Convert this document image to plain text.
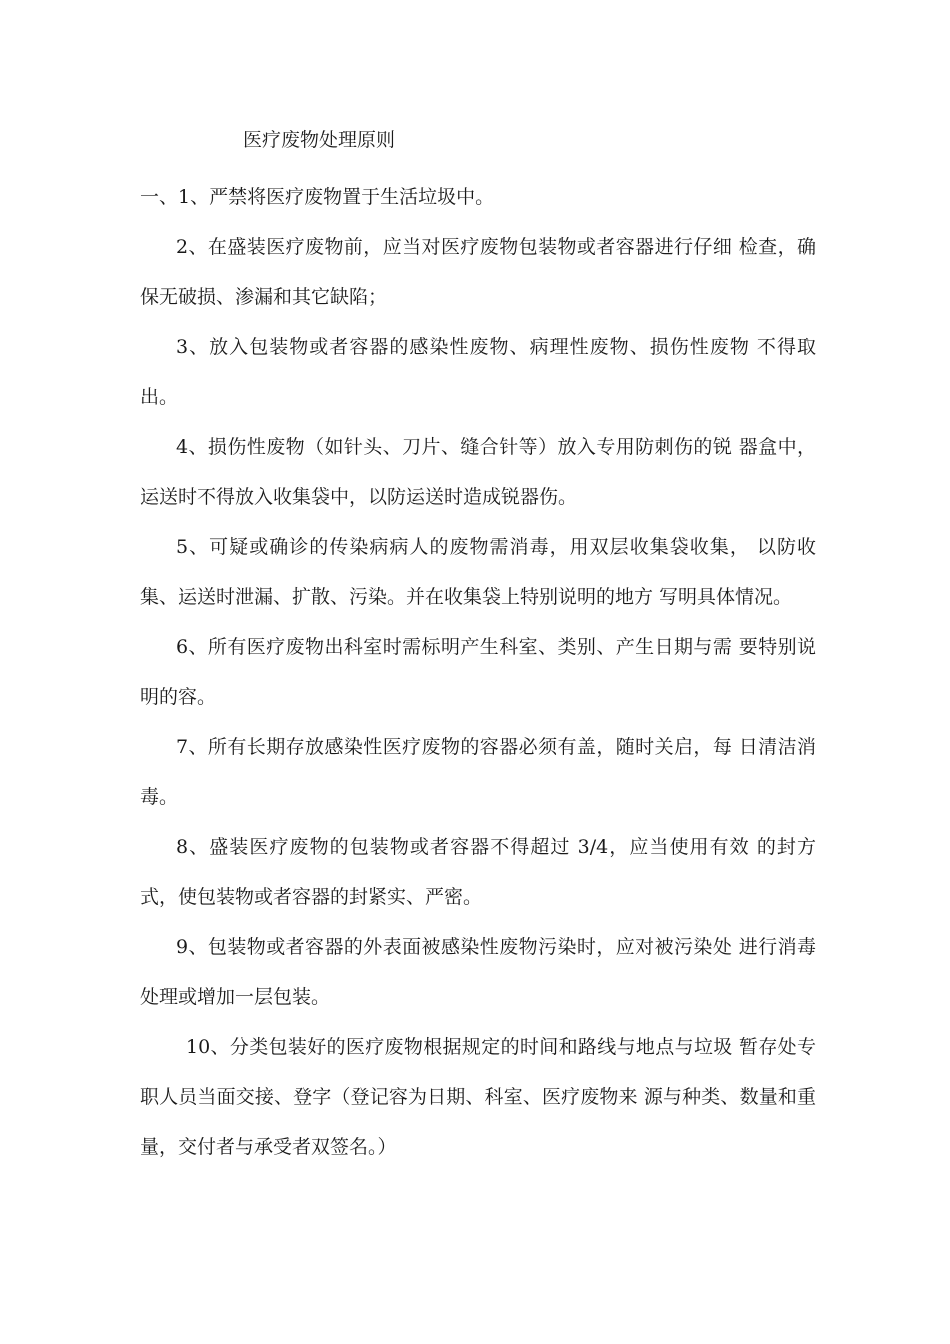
医疗废物处理原则

一、1、严禁将医疗废物置于生活垃圾中。

2、在盛装医疗废物前，应当对医疗废物包装物或者容器进行仔细 检查，确保无破损、渗漏和其它缺陷；

3、放入包装物或者容器的感染性废物、病理性废物、损伤性废物 不得取出。

4、损伤性废物（如针头、刀片、缝合针等）放入专用防刺伤的锐 器盒中，运送时不得放入收集袋中，以防运送时造成锐器伤。

5、可疑或确诊的传染病病人的废物需消毒，用双层收集袋收集， 以防收集、运送时泄漏、扩散、污染。并在收集袋上特别说明的地方 写明具体情况。

6、所有医疗废物出科室时需标明产生科室、类别、产生日期与需 要特别说明的容。

7、所有长期存放感染性医疗废物的容器必须有盖，随时关启，每 日清洁消毒。

8、盛装医疗废物的包装物或者容器不得超过 3/4，应当使用有效 的封方式，使包装物或者容器的封紧实、严密。

9、包装物或者容器的外表面被感染性废物污染时，应对被污染处 进行消毒处理或增加一层包装。

10、分类包装好的医疗废物根据规定的时间和路线与地点与垃圾 暂存处专职人员当面交接、登字（登记容为日期、科室、医疗废物来 源与种类、数量和重量，交付者与承受者双签名。）
